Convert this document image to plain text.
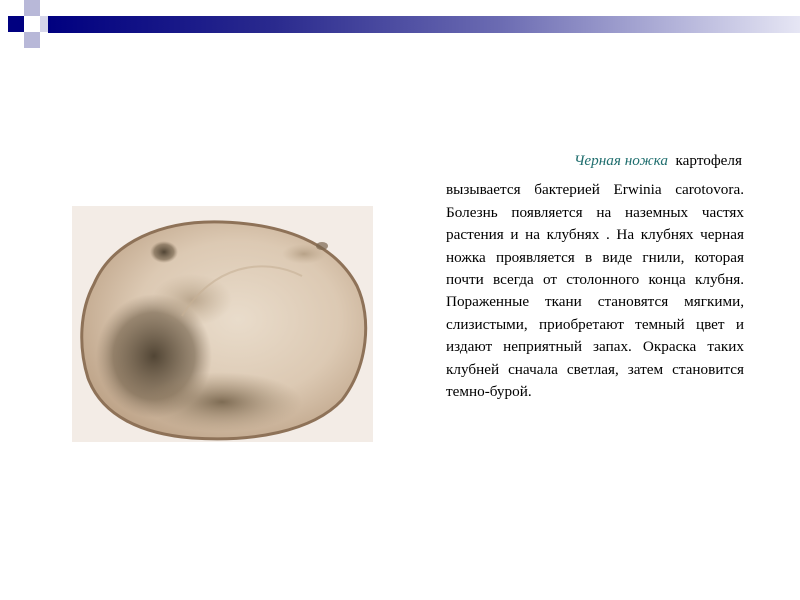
Черная ножка картофеля

вызывается бактерией Erwinia carotovora. Болезнь появляется на наземных частях растения и на клубнях . На клубнях черная ножка проявляется в виде гнили, которая почти всегда от столонного конца клубня. Пораженные ткани становятся мягкими, слизистыми, приобретают темный цвет и издают неприятный запах. Окраска таких клубней сначала светлая, затем становится темно-бурой.
